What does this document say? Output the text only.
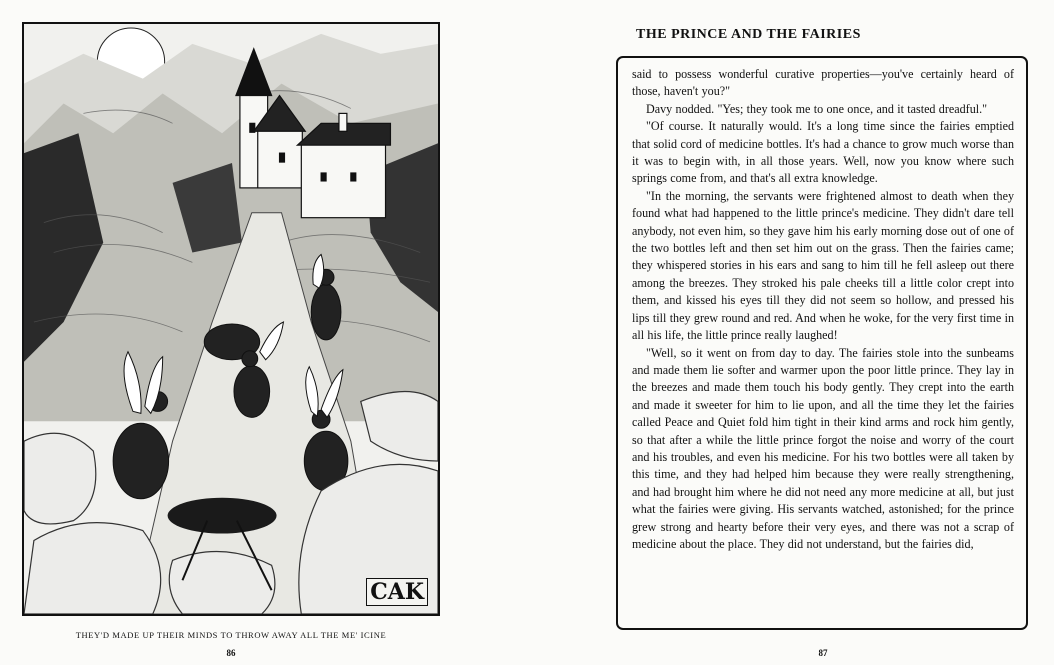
CAK
THEY'D MADE UP THEIR MINDS TO THROW AWAY ALL THE ME' ICINE
86
THE PRINCE AND THE FAIRIES

said to possess wonderful curative properties—you've certainly heard of those, haven't you?"

Davy nodded. "Yes; they took me to one once, and it tasted dreadful."

"Of course. It naturally would. It's a long time since the fairies emptied that solid cord of medicine bottles. It's had a chance to grow much worse than it was to begin with, in all those years. Well, now you know where such springs come from, and that's all extra knowledge.

"In the morning, the servants were frightened almost to death when they found what had happened to the little prince's medicine. They didn't dare tell anybody, not even him, so they gave him his early morning dose out of one of the two bottles left and then set him out on the grass. Then the fairies came; they whispered stories in his ears and sang to him till he fell asleep out there among the breezes. They stroked his pale cheeks till a little color crept into them, and kissed his eyes till they did not seem so hollow, and pressed his lips till they grew round and red. And when he woke, for the very first time in all his life, the little prince really laughed!

"Well, so it went on from day to day. The fairies stole into the sunbeams and made them lie softer and warmer upon the poor little prince. They lay in the breezes and made them touch his body gently. They crept into the earth and made it sweeter for him to lie upon, and all the time they let the fairies called Peace and Quiet fold him tight in their kind arms and rock him gently, so that after a while the little prince forgot the noise and worry of the court and his troubles, and even his medicine. For his two bottles were all taken by this time, and they had helped him because they were really strengthening, and had brought him where he did not need any more medicine at all, but just what the fairies were giving. His servants watched, astonished; for the prince grew strong and hearty before their very eyes, and there was not a scrap of medicine about the place. They did not understand, but the fairies did,

87
